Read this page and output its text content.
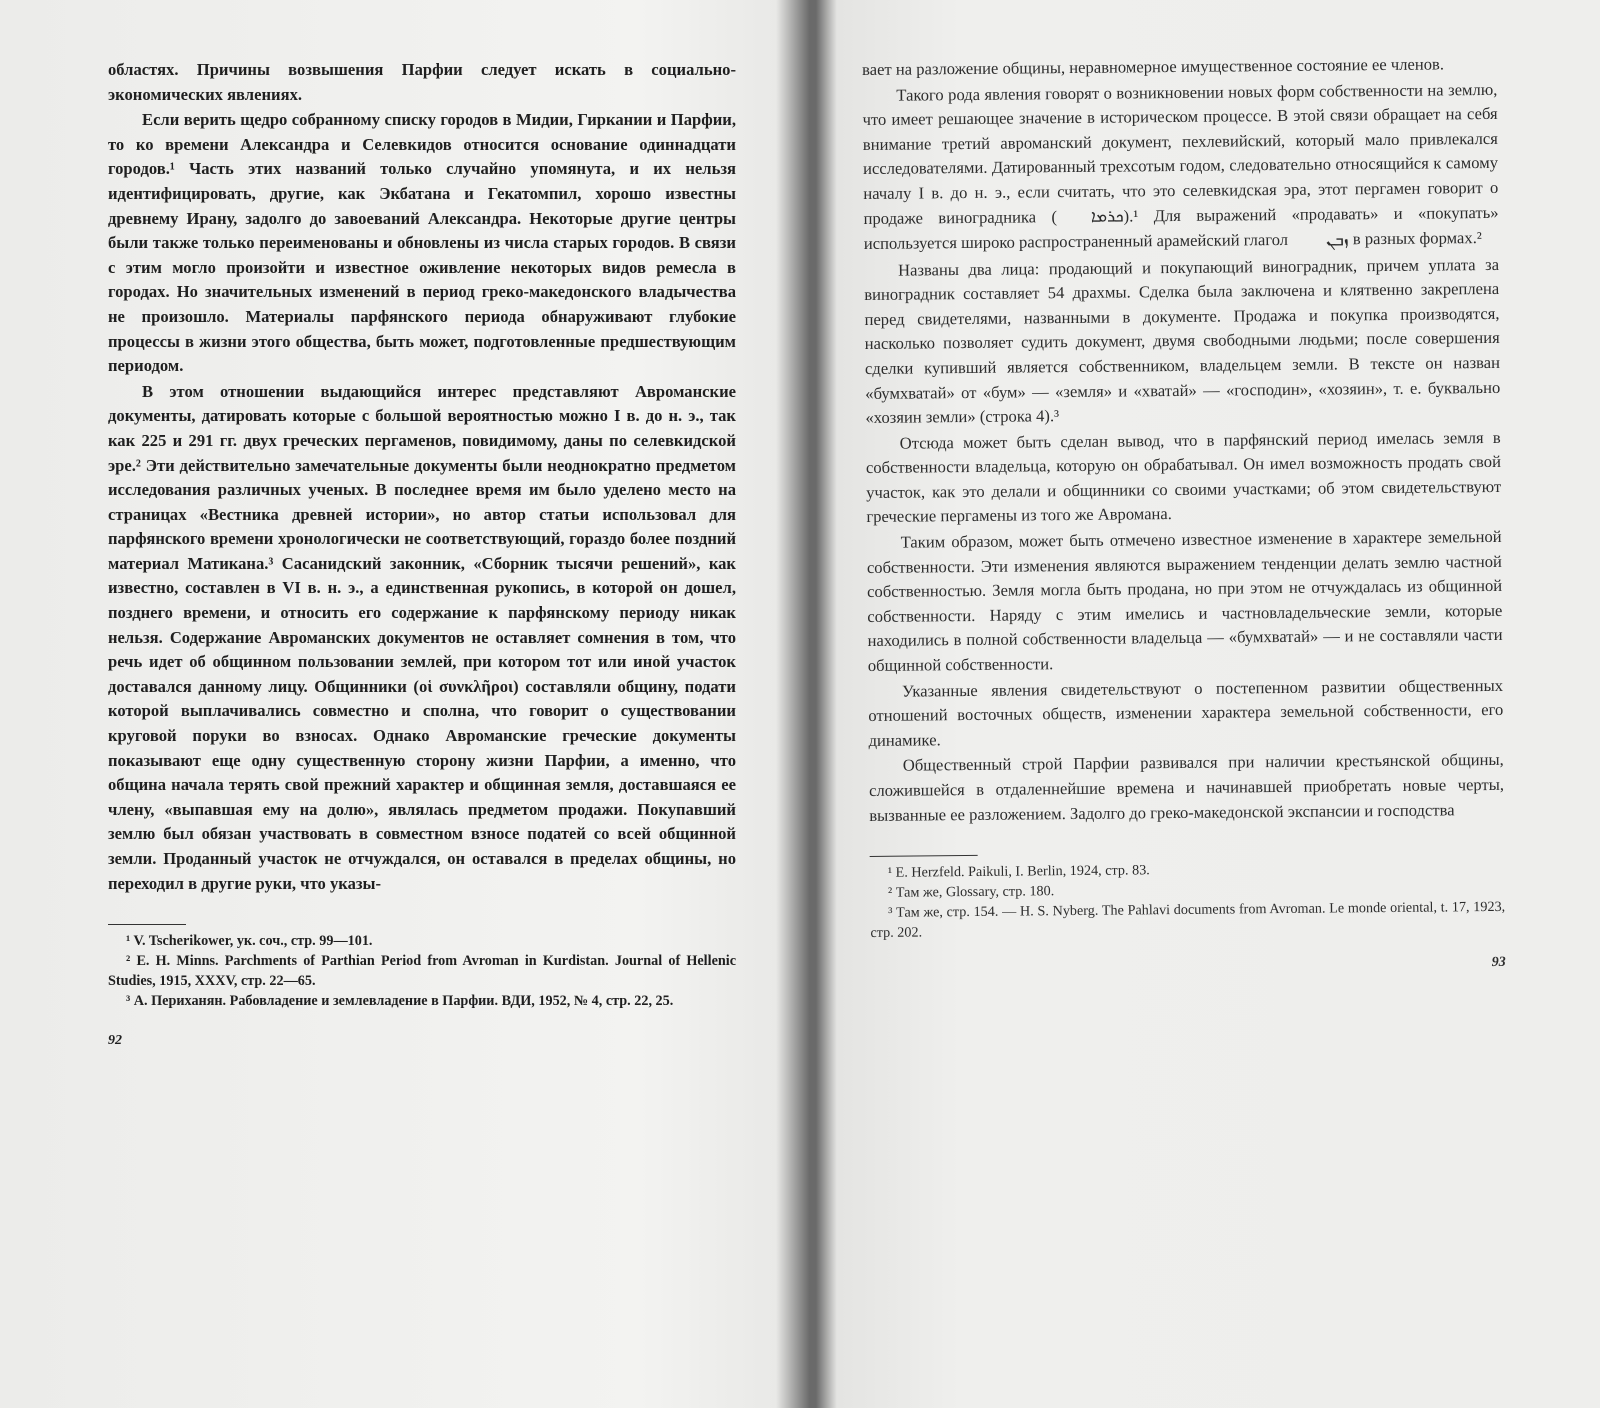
областях. Причины возвышения Парфии следует искать в социально-экономических явлениях.

Если верить щедро собранному списку городов в Мидии, Гиркании и Парфии, то ко времени Александра и Селевкидов относится основание одиннадцати городов.¹ Часть этих названий только случайно упомянута, и их нельзя идентифицировать, другие, как Экбатана и Гекатомпил, хорошо известны древнему Ирану, задолго до завоеваний Александра. Некоторые другие центры были также только переименованы и обновлены из числа старых городов. В связи с этим могло произойти и известное оживление некоторых видов ремесла в городах. Но значительных изменений в период греко-македонского владычества не произошло. Материалы парфянского периода обнаруживают глубокие процессы в жизни этого общества, быть может, подготовленные предшествующим периодом.

В этом отношении выдающийся интерес представляют Авроманские документы, датировать которые с большой вероятностью можно I в. до н. э., так как 225 и 291 гг. двух греческих пергаменов, повидимому, даны по селевкидской эре.² Эти действительно замечательные документы были неоднократно предметом исследования различных ученых. В последнее время им было уделено место на страницах «Вестника древней истории», но автор статьи использовал для парфянского времени хронологически не соответствующий, гораздо более поздний материал Матикана.³ Сасанидский законник, «Сборник тысячи решений», как известно, составлен в VI в. н. э., а единственная рукопись, в которой он дошел, позднего времени, и относить его содержание к парфянскому периоду никак нельзя. Содержание Авроманских документов не оставляет сомнения в том, что речь идет об общинном пользовании землей, при котором тот или иной участок доставался данному лицу. Общинники (οἱ συνκλῆροι) составляли общину, подати которой выплачивались совместно и сполна, что говорит о существовании круговой поруки во взносах. Однако Авроманские греческие документы показывают еще одну существенную сторону жизни Парфии, а именно, что община начала терять свой прежний характер и общинная земля, доставшаяся ее члену, «выпавшая ему на долю», являлась предметом продажи. Покупавший землю был обязан участвовать в совместном взносе податей со всей общинной земли. Проданный участок не отчуждался, он оставался в пределах общины, но переходил в другие руки, что указы-

¹ V. Tscherikower, ук. соч., стр. 99—101.

² E. H. Minns. Parchments of Parthian Period from Avroman in Kurdistan. Journal of Hellenic Studies, 1915, XXXV, стр. 22—65.

³ А. Периханян. Рабовладение и землевладение в Парфии. ВДИ, 1952, № 4, стр. 22, 25.

92

вает на разложение общины, неравномерное имущественное состояние ее членов.

Такого рода явления говорят о возникновении новых форм собственности на землю, что имеет решающее значение в историческом процессе. В этой связи обращает на себя внимание третий авроманский документ, пехлевийский, который мало привлекался исследователями. Датированный трехсотым годом, следовательно относящийся к самому началу I в. до н. э., если считать, что это селевкидская эра, этот пергамен говорит о продаже виноградника ( ܟܪܡܐ).¹ Для выражений «продавать» и «покупать» используется широко распространенный арамейский глагол ܙܒܢ в разных формах.²

Названы два лица: продающий и покупающий виноградник, причем уплата за виноградник составляет 54 драхмы. Сделка была заключена и клятвенно закреплена перед свидетелями, названными в документе. Продажа и покупка производятся, насколько позволяет судить документ, двумя свободными людьми; после совершения сделки купивший является собственником, владельцем земли. В тексте он назван «бумхватай» от «бум» — «земля» и «хватай» — «господин», «хозяин», т. е. буквально «хозяин земли» (строка 4).³

Отсюда может быть сделан вывод, что в парфянский период имелась земля в собственности владельца, которую он обрабатывал. Он имел возможность продать свой участок, как это делали и общинники со своими участками; об этом свидетельствуют греческие пергамены из того же Авромана.

Таким образом, может быть отмечено известное изменение в характере земельной собственности. Эти изменения являются выражением тенденции делать землю частной собственностью. Земля могла быть продана, но при этом не отчуждалась из общинной собственности. Наряду с этим имелись и частновладельческие земли, которые находились в полной собственности владельца — «бумхватай» — и не составляли части общинной собственности.

Указанные явления свидетельствуют о постепенном развитии общественных отношений восточных обществ, изменении характера земельной собственности, его динамике.

Общественный строй Парфии развивался при наличии крестьянской общины, сложившейся в отдаленнейшие времена и начинавшей приобретать новые черты, вызванные ее разложением. Задолго до греко-македонской экспансии и господства

¹ E. Herzfeld. Paikuli, I. Berlin, 1924, стр. 83.

² Там же, Glossary, стр. 180.

³ Там же, стр. 154. — H. S. Nyberg. The Pahlavi documents from Avroman. Le monde oriental, t. 17, 1923, стр. 202.

93
